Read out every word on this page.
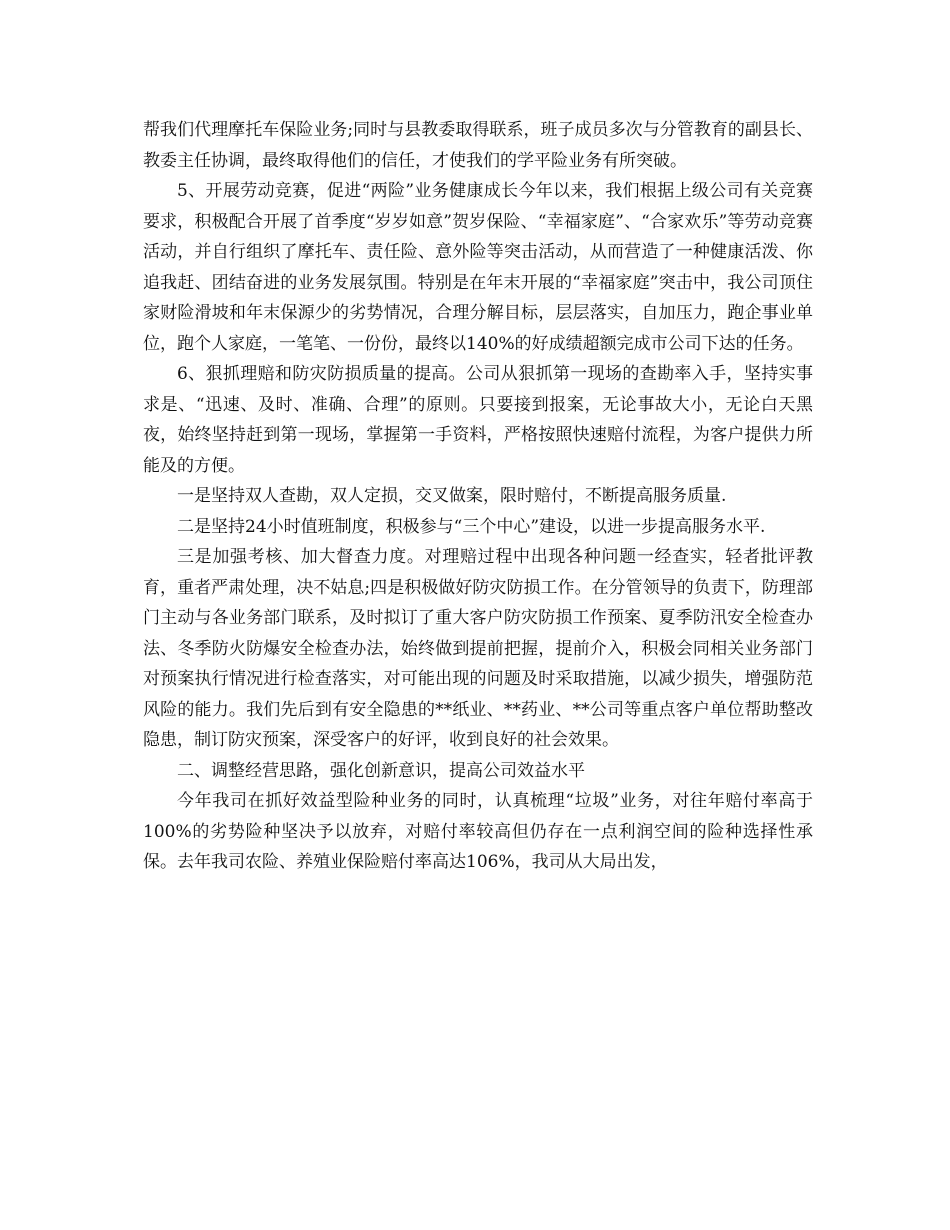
帮我们代理摩托车保险业务;同时与县教委取得联系，班子成员多次与分管教育的副县长、教委主任协调，最终取得他们的信任，才使我们的学平险业务有所突破。

5、开展劳动竞赛，促进“两险”业务健康成长今年以来，我们根据上级公司有关竞赛要求，积极配合开展了首季度“岁岁如意”贺岁保险、“幸福家庭”、“合家欢乐”等劳动竞赛活动，并自行组织了摩托车、责任险、意外险等突击活动，从而营造了一种健康活泼、你追我赶、团结奋进的业务发展氛围。特别是在年末开展的“幸福家庭”突击中，我公司顶住家财险滑坡和年末保源少的劣势情况，合理分解目标，层层落实，自加压力，跑企事业单位，跑个人家庭，一笔笔、一份份，最终以140%的好成绩超额完成市公司下达的任务。

6、狠抓理赔和防灾防损质量的提高。公司从狠抓第一现场的查勘率入手，坚持实事求是、“迅速、及时、准确、合理”的原则。只要接到报案，无论事故大小，无论白天黑夜，始终坚持赶到第一现场，掌握第一手资料，严格按照快速赔付流程，为客户提供力所能及的方便。

一是坚持双人查勘，双人定损，交叉做案，限时赔付，不断提高服务质量.

二是坚持24小时值班制度，积极参与“三个中心”建设，以进一步提高服务水平.

三是加强考核、加大督查力度。对理赔过程中出现各种问题一经查实，轻者批评教育，重者严肃处理，决不姑息;四是积极做好防灾防损工作。在分管领导的负责下，防理部门主动与各业务部门联系，及时拟订了重大客户防灾防损工作预案、夏季防汛安全检查办法、冬季防火防爆安全检查办法，始终做到提前把握，提前介入，积极会同相关业务部门对预案执行情况进行检查落实，对可能出现的问题及时采取措施，以减少损失，增强防范风险的能力。我们先后到有安全隐患的**纸业、**药业、**公司等重点客户单位帮助整改隐患，制订防灾预案，深受客户的好评，收到良好的社会效果。

二、调整经营思路，强化创新意识，提高公司效益水平

今年我司在抓好效益型险种业务的同时，认真梳理“垃圾”业务，对往年赔付率高于100%的劣势险种坚决予以放弃，对赔付率较高但仍存在一点利润空间的险种选择性承保。去年我司农险、养殖业保险赔付率高达106%，我司从大局出发，
